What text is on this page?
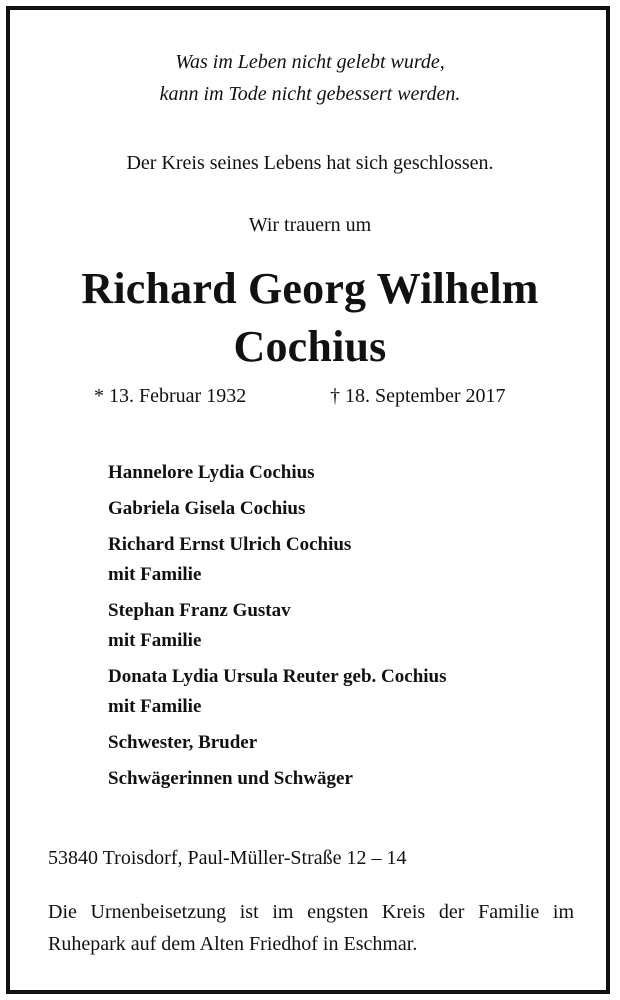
Was im Leben nicht gelebt wurde,
kann im Tode nicht gebessert werden.
Der Kreis seines Lebens hat sich geschlossen.
Wir trauern um
Richard Georg Wilhelm
Cochius
* 13. Februar 1932	† 18. September 2017
Hannelore Lydia Cochius
Gabriela Gisela Cochius
Richard Ernst Ulrich Cochius
mit Familie
Stephan Franz Gustav
mit Familie
Donata Lydia Ursula Reuter geb. Cochius
mit Familie
Schwester, Bruder
Schwägerinnen und Schwäger
53840 Troisdorf, Paul-Müller-Straße 12 – 14
Die Urnenbeisetzung ist im engsten Kreis der Familie im Ruhepark auf dem Alten Friedhof in Eschmar.
